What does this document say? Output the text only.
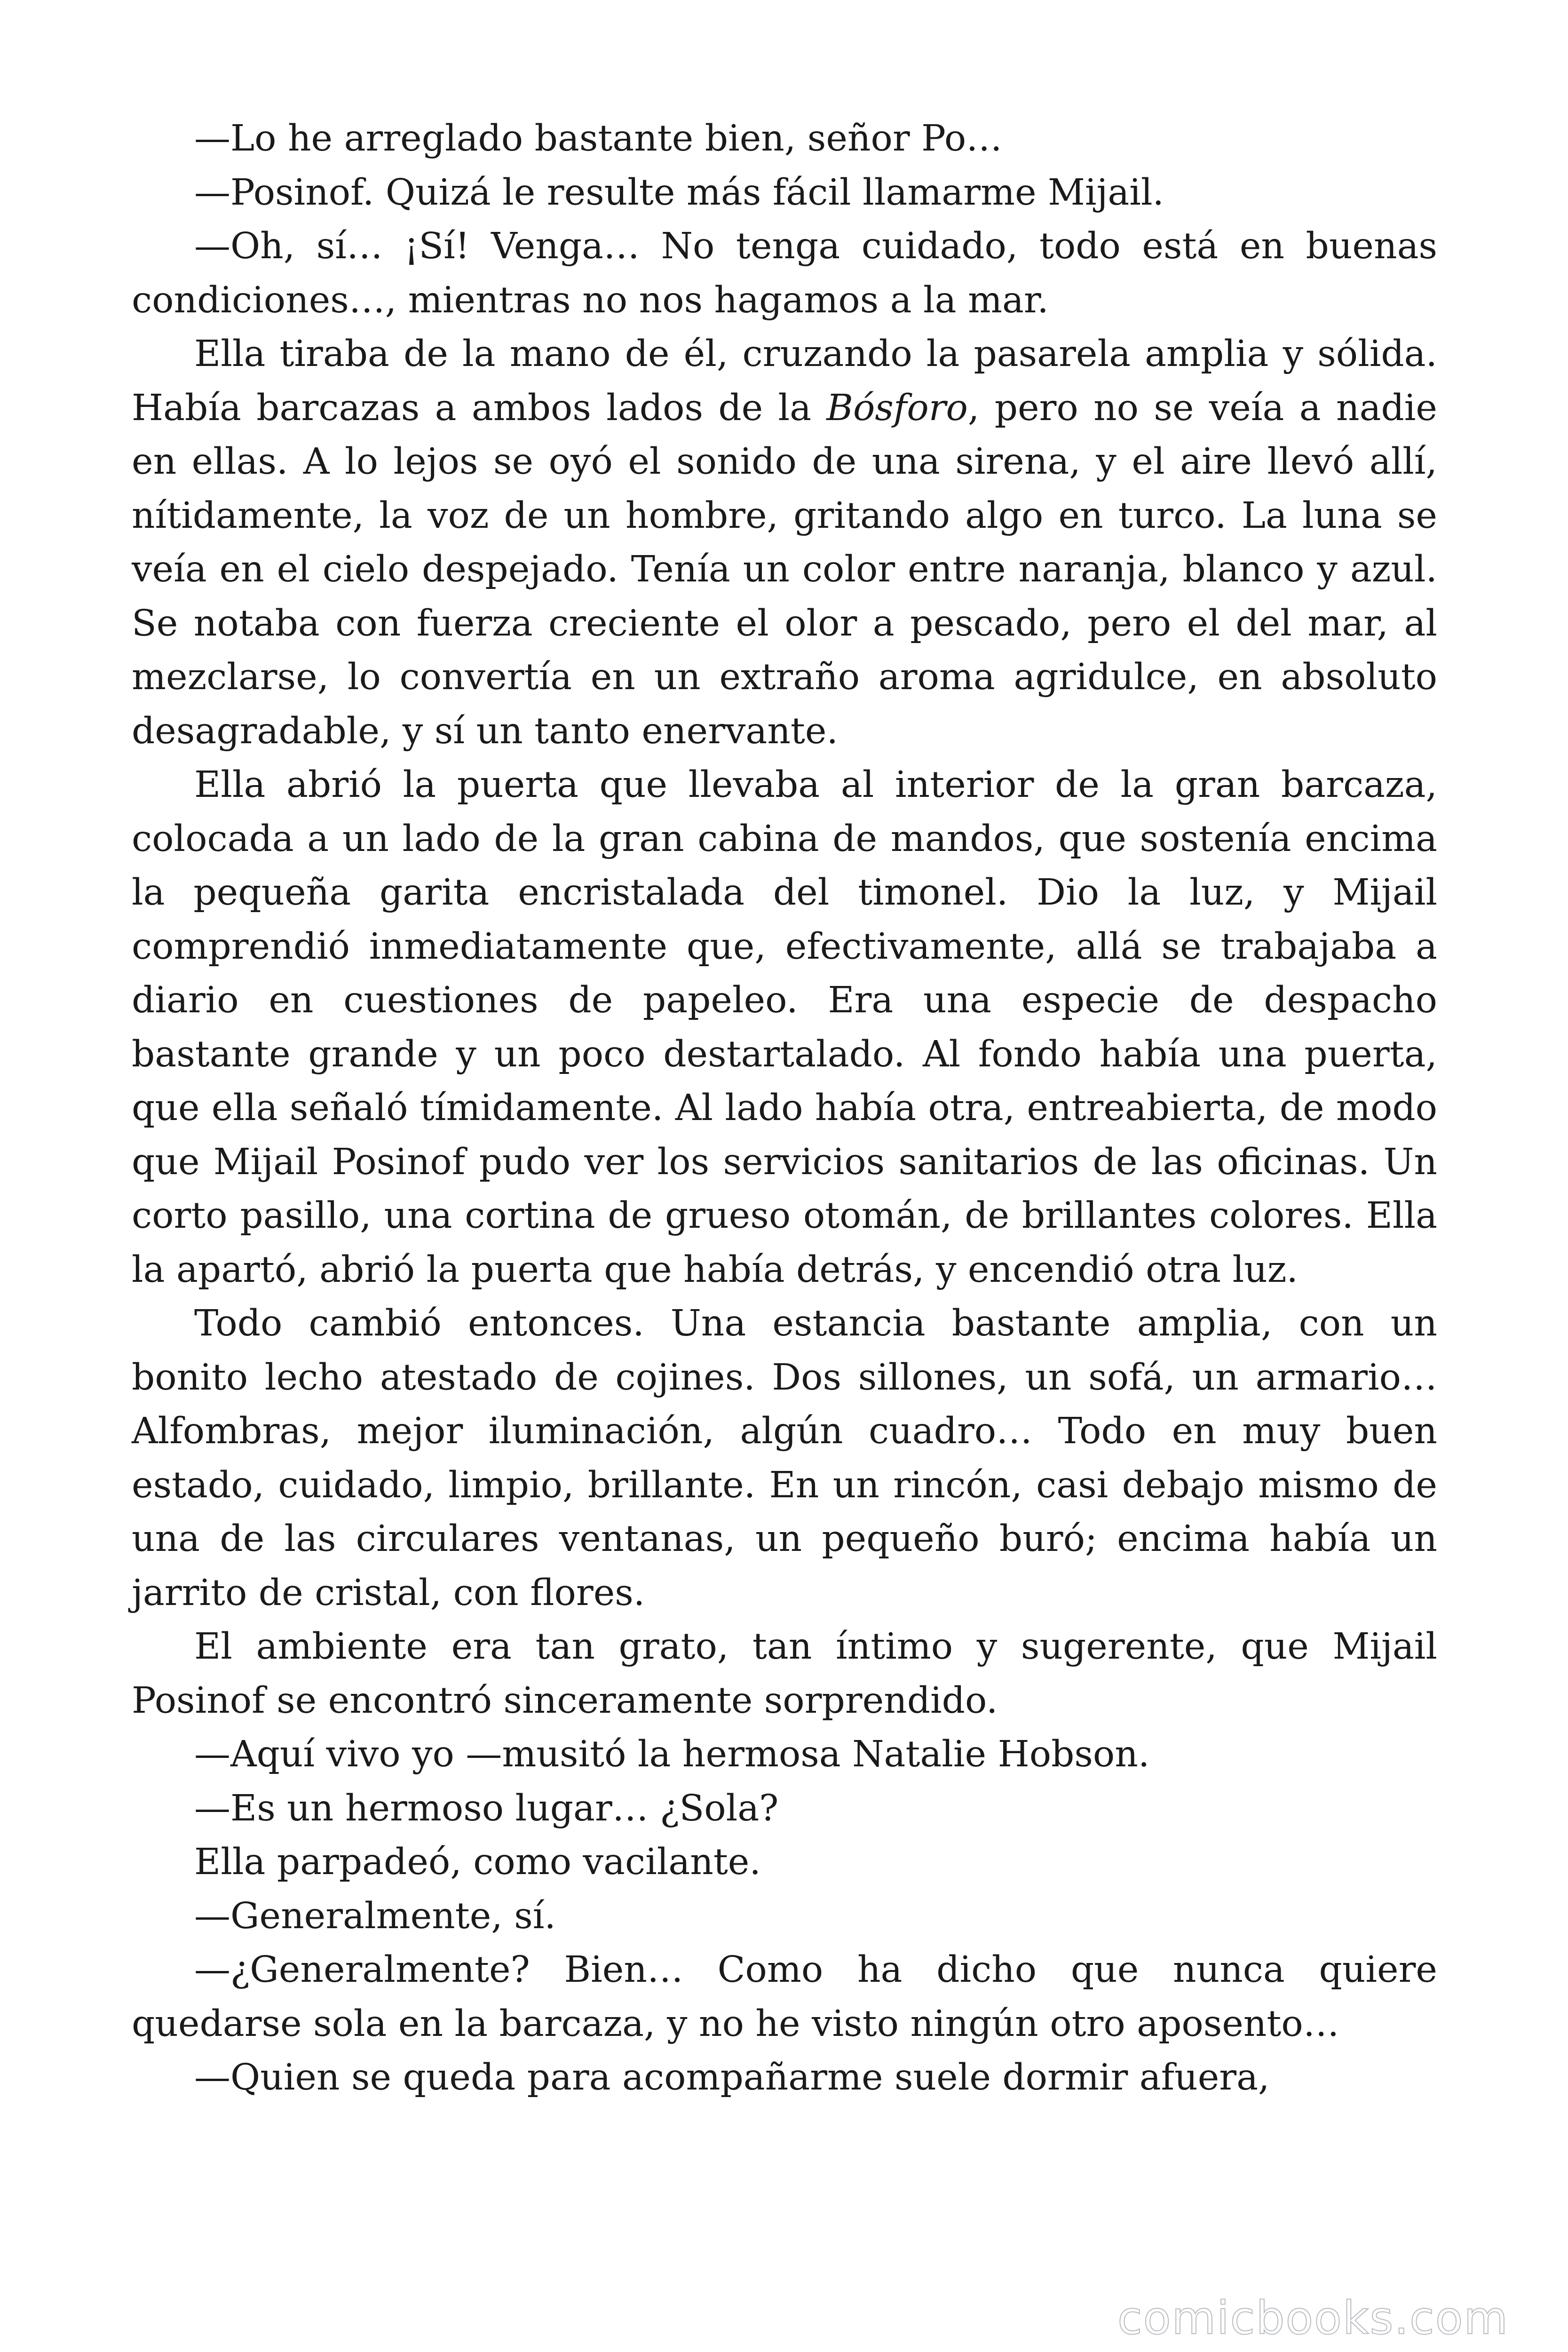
—Lo he arreglado bastante bien, señor Po…

—Posinof. Quizá le resulte más fácil llamarme Mijail.

—Oh, sí… ¡Sí! Venga… No tenga cuidado, todo está en buenas condiciones…, mientras no nos hagamos a la mar.

Ella tiraba de la mano de él, cruzando la pasarela amplia y sólida. Había barcazas a ambos lados de la Bósforo, pero no se veía a nadie en ellas. A lo lejos se oyó el sonido de una sirena, y el aire llevó allí, nítidamente, la voz de un hombre, gritando algo en turco. La luna se veía en el cielo despejado. Tenía un color entre naranja, blanco y azul. Se notaba con fuerza creciente el olor a pescado, pero el del mar, al mezclarse, lo convertía en un extraño aroma agridulce, en absoluto desagradable, y sí un tanto enervante.

Ella abrió la puerta que llevaba al interior de la gran barcaza, colocada a un lado de la gran cabina de mandos, que sostenía encima la pequeña garita encristalada del timonel. Dio la luz, y Mijail comprendió inmediatamente que, efectivamente, allá se trabajaba a diario en cuestiones de papeleo. Era una especie de despacho bastante grande y un poco destartalado. Al fondo había una puerta, que ella señaló tímidamente. Al lado había otra, entreabierta, de modo que Mijail Posinof pudo ver los servicios sanitarios de las oficinas. Un corto pasillo, una cortina de grueso otomán, de brillantes colores. Ella la apartó, abrió la puerta que había detrás, y encendió otra luz.

Todo cambió entonces. Una estancia bastante amplia, con un bonito lecho atestado de cojines. Dos sillones, un sofá, un armario… Alfombras, mejor iluminación, algún cuadro… Todo en muy buen estado, cuidado, limpio, brillante. En un rincón, casi debajo mismo de una de las circulares ventanas, un pequeño buró; encima había un jarrito de cristal, con flores.

El ambiente era tan grato, tan íntimo y sugerente, que Mijail Posinof se encontró sinceramente sorprendido.

—Aquí vivo yo —musitó la hermosa Natalie Hobson.

—Es un hermoso lugar… ¿Sola?

Ella parpadeó, como vacilante.

—Generalmente, sí.

—¿Generalmente? Bien… Como ha dicho que nunca quiere quedarse sola en la barcaza, y no he visto ningún otro aposento…

—Quien se queda para acompañarme suele dormir afuera,

comicbooks.com
